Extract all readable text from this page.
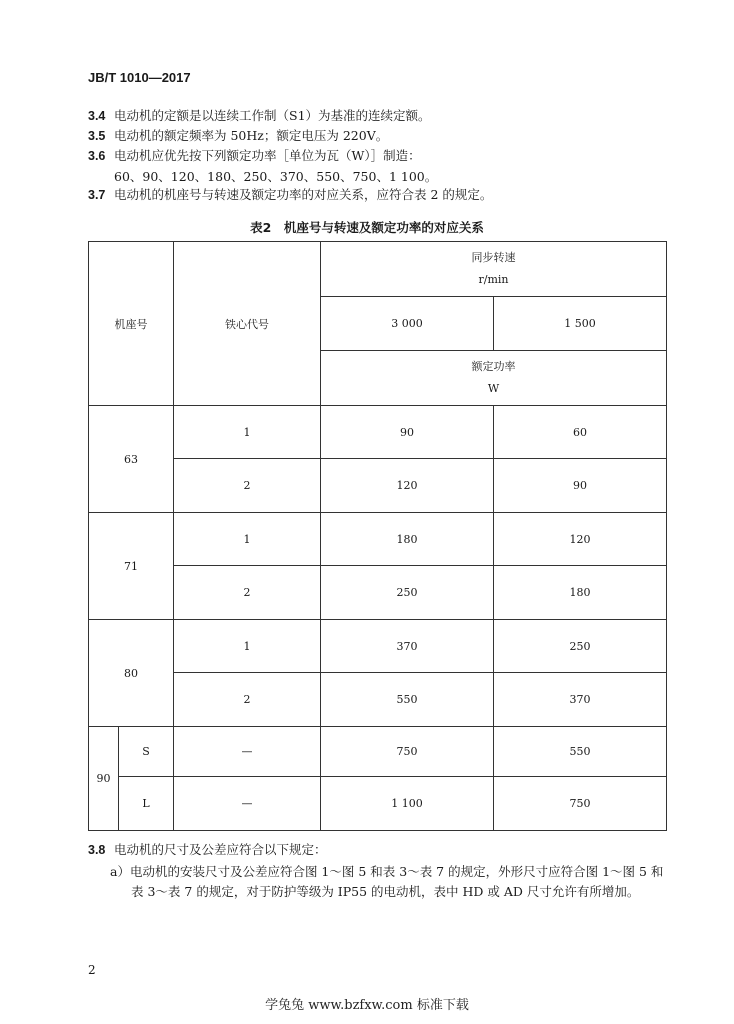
JB/T 1010—2017
3.4 电动机的定额是以连续工作制（S1）为基准的连续定额。
3.5 电动机的额定频率为 50Hz；额定电压为 220V。
3.6 电动机应优先按下列额定功率［单位为瓦（W）］制造：
60、90、120、180、250、370、550、750、1 100。
3.7 电动机的机座号与转速及额定功率的对应关系，应符合表 2 的规定。
表2　机座号与转速及额定功率的对应关系
机座号		铁心代号	同步转速
r/min	

			3 000	1 500

			额定功率
W	

63		1	90	60
		2	120	90
71		1	180	120
		2	250	180
80		1	370	250
		2	550	370
90	S	—	750	550
	L	—	1 100	750
3.8 电动机的尺寸及公差应符合以下规定：
a）电动机的安装尺寸及公差应符合图 1～图 5 和表 3～表 7 的规定，外形尺寸应符合图 1～图 5 和
表 3～表 7 的规定，对于防护等级为 IP55 的电动机，表中 HD 或 AD 尺寸允许有所增加。
2
学兔兔 www.bzfxw.com 标准下载
